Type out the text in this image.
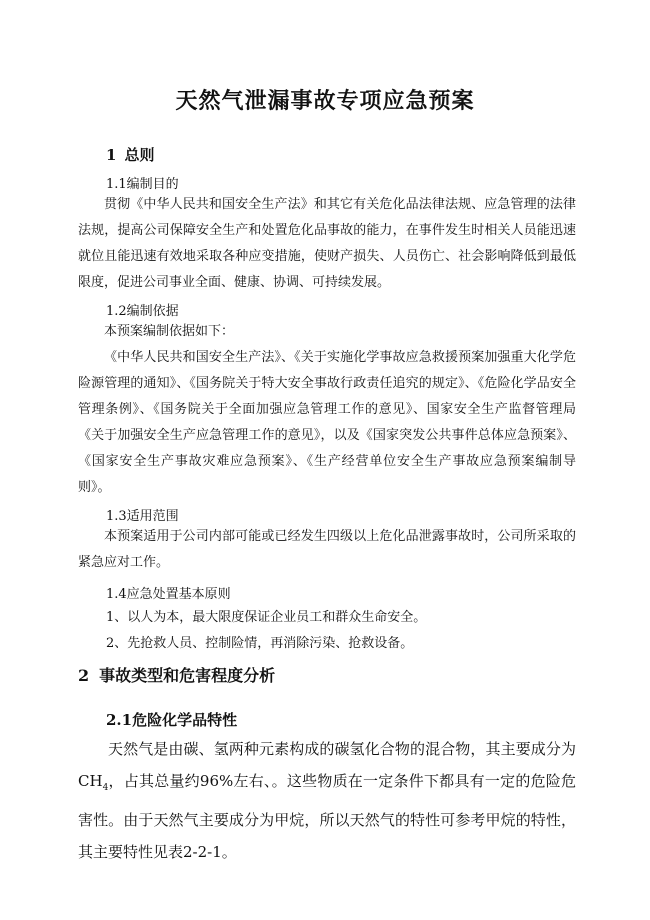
天然气泄漏事故专项应急预案
1 总则

1.1编制目的

贯彻《中华人民共和国安全生产法》和其它有关危化品法律法规、应急管理的法律法规，提高公司保障安全生产和处置危化品事故的能力，在事件发生时相关人员能迅速就位且能迅速有效地采取各种应变措施，使财产损失、人员伤亡、社会影响降低到最低限度，促进公司事业全面、健康、协调、可持续发展。

1.2编制依据

本预案编制依据如下：

《中华人民共和国安全生产法》、《关于实施化学事故应急救援预案加强重大化学危险源管理的通知》、《国务院关于特大安全事故行政责任追究的规定》、《危险化学品安全管理条例》、《国务院关于全面加强应急管理工作的意见》、国家安全生产监督管理局《关于加强安全生产应急管理工作的意见》，以及《国家突发公共事件总体应急预案》、《国家安全生产事故灾难应急预案》、《生产经营单位安全生产事故应急预案编制导则》。

1.3适用范围

本预案适用于公司内部可能或已经发生四级以上危化品泄露事故时，公司所采取的紧急应对工作。

1.4应急处置基本原则

1、以人为本，最大限度保证企业员工和群众生命安全。

2、先抢救人员、控制险情，再消除污染、抢救设备。

2 事故类型和危害程度分析
2.1危险化学品特性

天然气是由碳、氢两种元素构成的碳氢化合物的混合物，其主要成分为$CH_4$，占其总量约96%左右、。这些物质在一定条件下都具有一定的危险危害性。由于天然气主要成分为甲烷，所以天然气的特性可参考甲烷的特性，其主要特性见表2-2-1。
